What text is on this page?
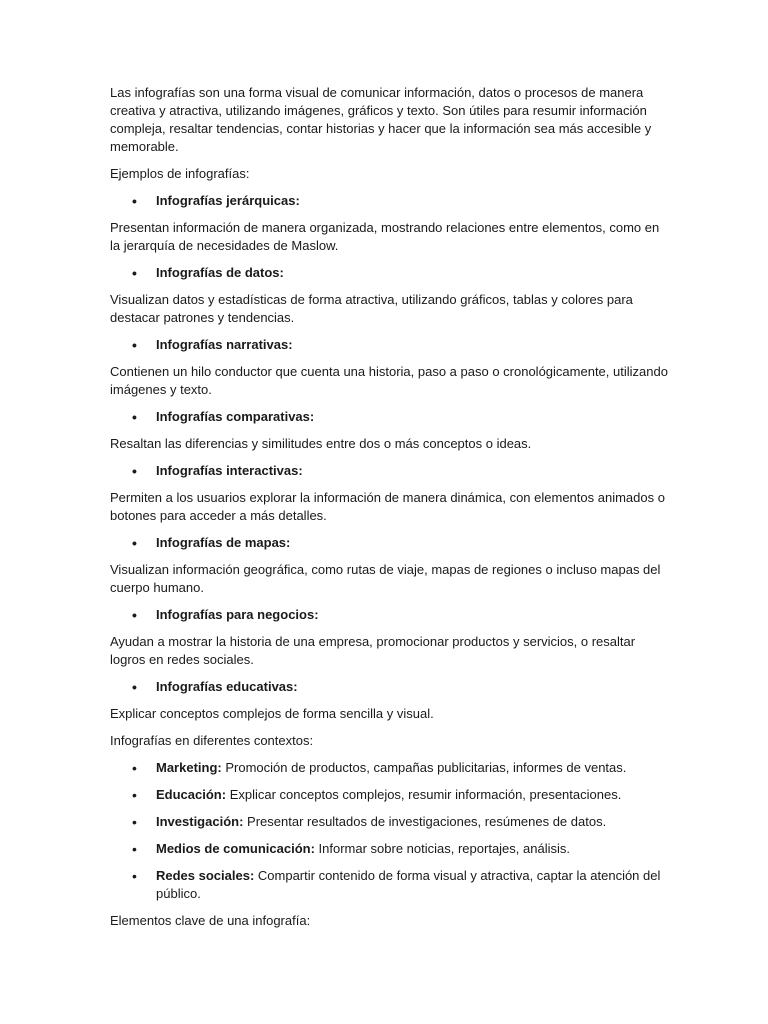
Las infografías son una forma visual de comunicar información, datos o procesos de manera creativa y atractiva, utilizando imágenes, gráficos y texto. Son útiles para resumir información compleja, resaltar tendencias, contar historias y hacer que la información sea más accesible y memorable.

Ejemplos de infografías:

• Infografías jerárquicas:

Presentan información de manera organizada, mostrando relaciones entre elementos, como en la jerarquía de necesidades de Maslow.

• Infografías de datos:

Visualizan datos y estadísticas de forma atractiva, utilizando gráficos, tablas y colores para destacar patrones y tendencias.

• Infografías narrativas:

Contienen un hilo conductor que cuenta una historia, paso a paso o cronológicamente, utilizando imágenes y texto.

• Infografías comparativas:

Resaltan las diferencias y similitudes entre dos o más conceptos o ideas.

• Infografías interactivas:

Permiten a los usuarios explorar la información de manera dinámica, con elementos animados o botones para acceder a más detalles.

• Infografías de mapas:

Visualizan información geográfica, como rutas de viaje, mapas de regiones o incluso mapas del cuerpo humano.

• Infografías para negocios:

Ayudan a mostrar la historia de una empresa, promocionar productos y servicios, o resaltar logros en redes sociales.

• Infografías educativas:

Explicar conceptos complejos de forma sencilla y visual.

Infografías en diferentes contextos:

• Marketing: Promoción de productos, campañas publicitarias, informes de ventas.
• Educación: Explicar conceptos complejos, resumir información, presentaciones.
• Investigación: Presentar resultados de investigaciones, resúmenes de datos.
• Medios de comunicación: Informar sobre noticias, reportajes, análisis.
• Redes sociales: Compartir contenido de forma visual y atractiva, captar la atención del público.

Elementos clave de una infografía:
